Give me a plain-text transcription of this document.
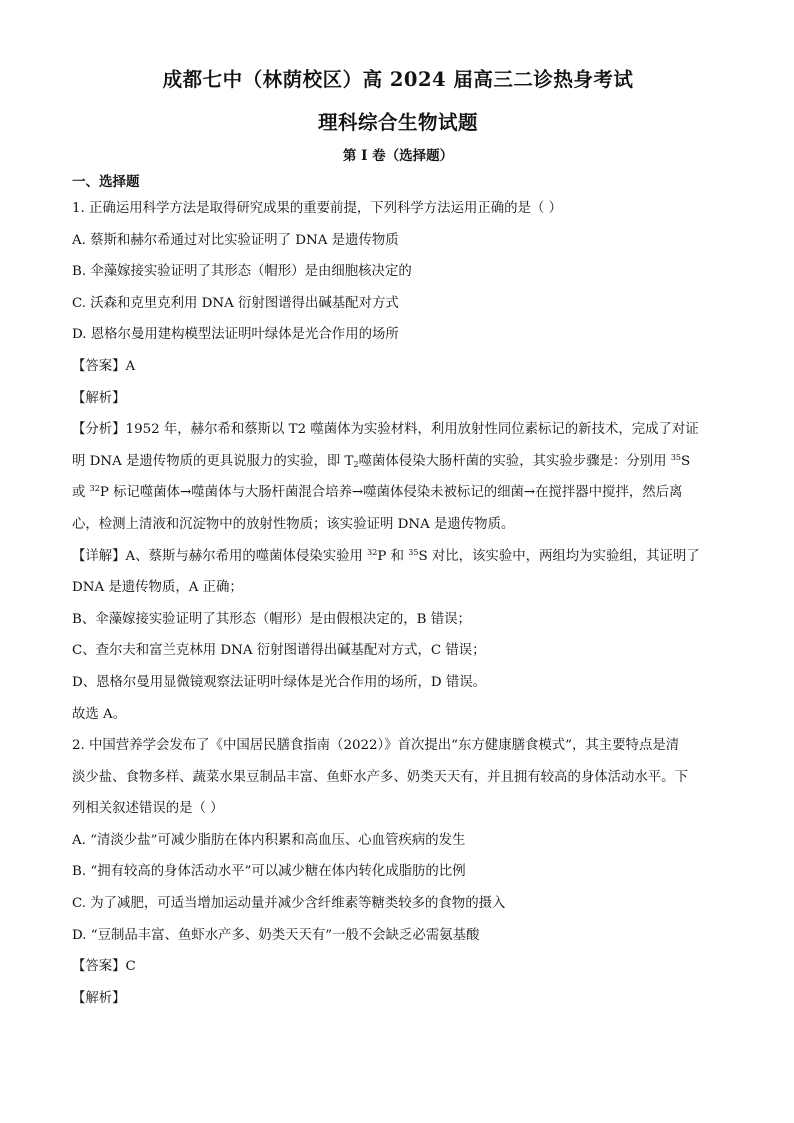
成都七中（林荫校区）高 2024 届高三二诊热身考试
理科综合生物试题
第 I 卷（选择题）
一、选择题

1. 正确运用科学方法是取得研究成果的重要前提，下列科学方法运用正确的是（ ）

A. 蔡斯和赫尔希通过对比实验证明了 DNA 是遗传物质

B. 伞藻嫁接实验证明了其形态（帽形）是由细胞核决定的

C. 沃森和克里克利用 DNA 衍射图谱得出碱基配对方式

D. 恩格尔曼用建构模型法证明叶绿体是光合作用的场所

【答案】A

【解析】

【分析】1952 年，赫尔希和蔡斯以 T2 噬菌体为实验材料，利用放射性同位素标记的新技术，完成了对证

明 DNA 是遗传物质的更具说服力的实验，即 $T_2$噬菌体侵染大肠杆菌的实验，其实验步骤是：分别用 $^{35}$S

或 $^{32}$P 标记噬菌体→噬菌体与大肠杆菌混合培养→噬菌体侵染未被标记的细菌→在搅拌器中搅拌，然后离

心，检测上清液和沉淀物中的放射性物质；该实验证明 DNA 是遗传物质。

【详解】A、蔡斯与赫尔希用的噬菌体侵染实验用 $^{32}$P 和 $^{35}$S 对比，该实验中，两组均为实验组，其证明了

DNA 是遗传物质，A 正确；

B、伞藻嫁接实验证明了其形态（帽形）是由假根决定的，B 错误；

C、查尔夫和富兰克林用 DNA 衍射图谱得出碱基配对方式，C 错误；

D、恩格尔曼用显微镜观察法证明叶绿体是光合作用的场所，D 错误。

故选 A。

2. 中国营养学会发布了《中国居民膳食指南（2022）》首次提出“东方健康膳食模式”，其主要特点是清

淡少盐、食物多样、蔬菜水果豆制品丰富、鱼虾水产多、奶类天天有，并且拥有较高的身体活动水平。下

列相关叙述错误的是（ ）

A. “清淡少盐”可减少脂肪在体内积累和高血压、心血管疾病的发生

B. “拥有较高的身体活动水平”可以减少糖在体内转化成脂肪的比例

C. 为了减肥，可适当增加运动量并减少含纤维素等糖类较多的食物的摄入

D. “豆制品丰富、鱼虾水产多、奶类天天有”一般不会缺乏必需氨基酸

【答案】C

【解析】
